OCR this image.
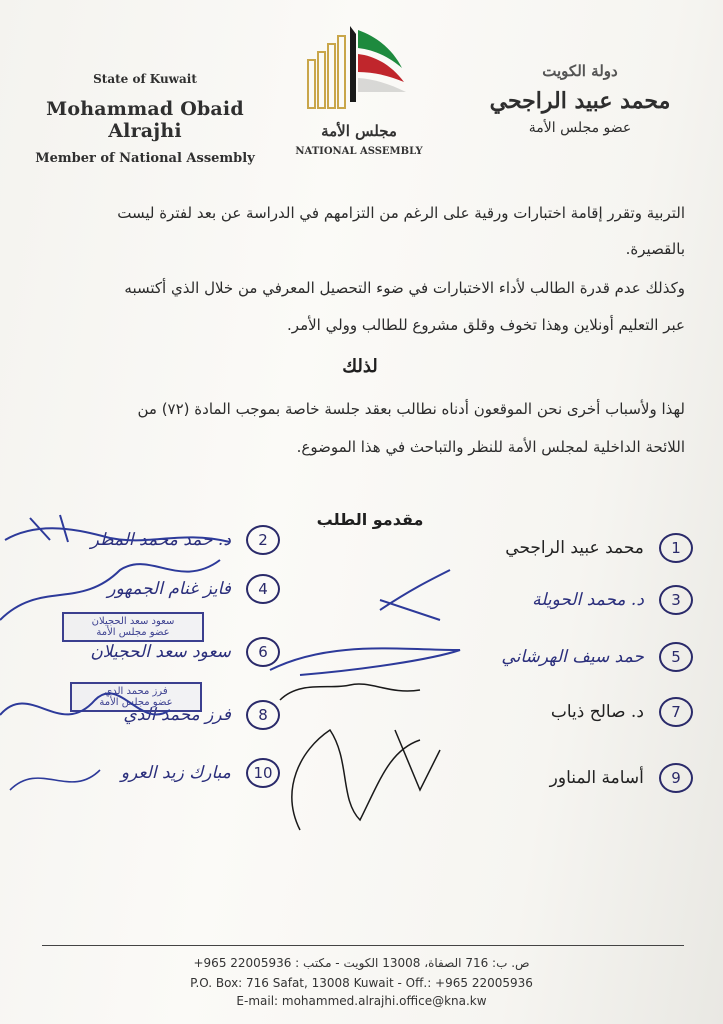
State of Kuwait
Mohammad Obaid Alrajhi
Member of National Assembly
مجلس الأمة
NATIONAL ASSEMBLY
دولة الكويت
محمد عبيد الراجحي
عضو مجلس الأمة
التربية وتقرر إقامة اختبارات ورقية على الرغم من التزامهم في الدراسة عن بعد لفترة ليست
بالقصيرة.
وكذلك عدم قدرة الطالب لأداء الاختبارات في ضوء التحصيل المعرفي من خلال الذي أكتسبه
عبر التعليم أونلاين وهذا تخوف وقلق مشروع للطالب وولي الأمر.
لذلك
لهذا ولأسباب أخرى نحن الموقعون أدناه نطالب بعقد جلسة خاصة بموجب المادة (٧٢) من
اللائحة الداخلية لمجلس الأمة للنظر والتباحث في هذا الموضوع.
مقدمو الطلب
1 محمد عبيد الراجحي
3 د. محمد الحويلة
5 حمد سيف الهرشاني
7 د. صالح ذياب
9 أسامة المناور
2 د. حمد محمد المطر
4 فايز غنام الجمهور
6 سعود سعد الحجيلان
8 فرز محمد الدي
10 مبارك زيد العرو
سعود سعد الحجيلان
عضو مجلس الأمة
فرز محمد الدي
عضو مجلس الأمة
ص. ب: 716 الصفاة، 13008 الكويت - مكتب : 22005936 965+
P.O. Box: 716 Safat, 13008 Kuwait - Off.: +965 22005936
E-mail: mohammed.alrajhi.office@kna.kw
